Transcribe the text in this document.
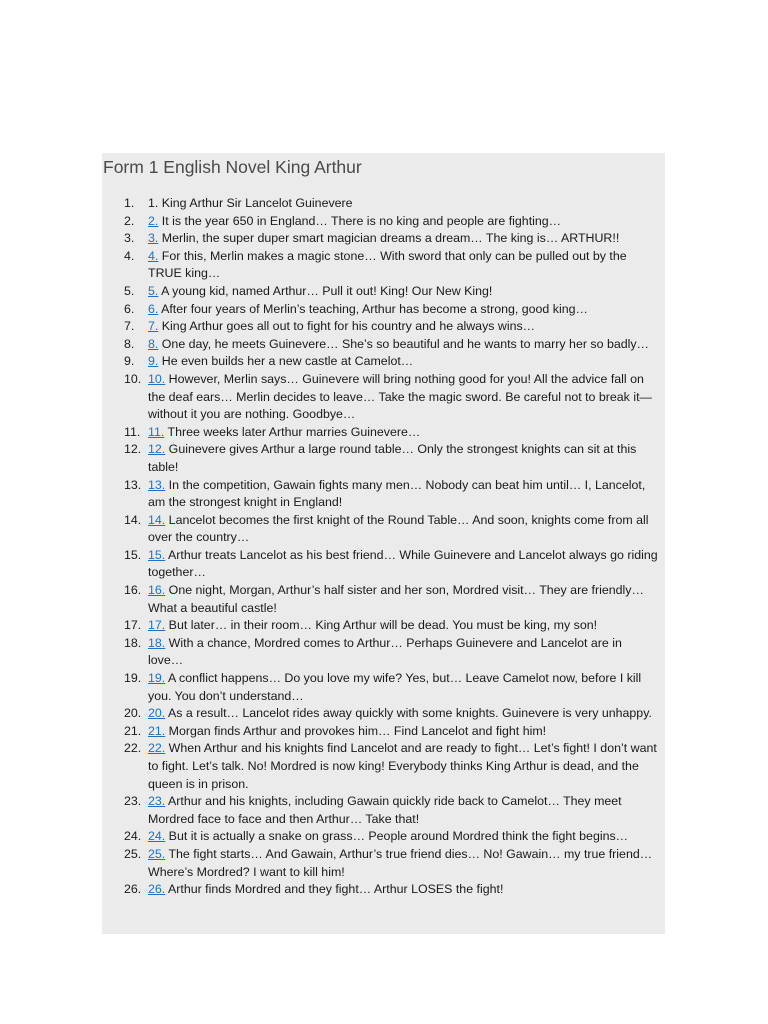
Form 1 English Novel King Arthur
1.	1. King Arthur Sir Lancelot Guinevere
2.	2. It is the year 650 in England… There is no king and people are fighting…
3.	3. Merlin, the super duper smart magician dreams a dream… The king is… ARTHUR!!
4.	4. For this, Merlin makes a magic stone… With sword that only can be pulled out by the TRUE king…
5.	5. A young kid, named Arthur… Pull it out! King! Our New King!
6.	6. After four years of Merlin’s teaching, Arthur has become a strong, good king…
7.	7. King Arthur goes all out to fight for his country and he always wins…
8.	8. One day, he meets Guinevere… She’s so beautiful and he wants to marry her so badly…
9.	9. He even builds her a new castle at Camelot…
10. 10. However, Merlin says… Guinevere will bring nothing good for you! All the advice fall on the deaf ears… Merlin decides to leave… Take the magic sword. Be careful not to break it— without it you are nothing. Goodbye…
11. 11. Three weeks later Arthur marries Guinevere…
12. 12. Guinevere gives Arthur a large round table… Only the strongest knights can sit at this table!
13. 13. In the competition, Gawain fights many men… Nobody can beat him until… I, Lancelot, am the strongest knight in England!
14. 14. Lancelot becomes the first knight of the Round Table… And soon, knights come from all over the country…
15. 15. Arthur treats Lancelot as his best friend… While Guinevere and Lancelot always go riding together…
16. 16. One night, Morgan, Arthur’s half sister and her son, Mordred visit… They are friendly… What a beautiful castle!
17. 17. But later… in their room… King Arthur will be dead. You must be king, my son!
18. 18. With a chance, Mordred comes to Arthur… Perhaps Guinevere and Lancelot are in love…
19. 19. A conflict happens… Do you love my wife? Yes, but… Leave Camelot now, before I kill you. You don’t understand…
20. 20. As a result… Lancelot rides away quickly with some knights. Guinevere is very unhappy.
21. 21. Morgan finds Arthur and provokes him… Find Lancelot and fight him!
22. 22. When Arthur and his knights find Lancelot and are ready to fight… Let’s fight! I don’t want to fight. Let’s talk. No! Mordred is now king! Everybody thinks King Arthur is dead, and the queen is in prison.
23. 23. Arthur and his knights, including Gawain quickly ride back to Camelot… They meet Mordred face to face and then Arthur… Take that!
24. 24. But it is actually a snake on grass… People around Mordred think the fight begins…
25. 25. The fight starts… And Gawain, Arthur’s true friend dies… No! Gawain… my true friend… Where’s Mordred? I want to kill him!
26. 26. Arthur finds Mordred and they fight… Arthur LOSES the fight!
